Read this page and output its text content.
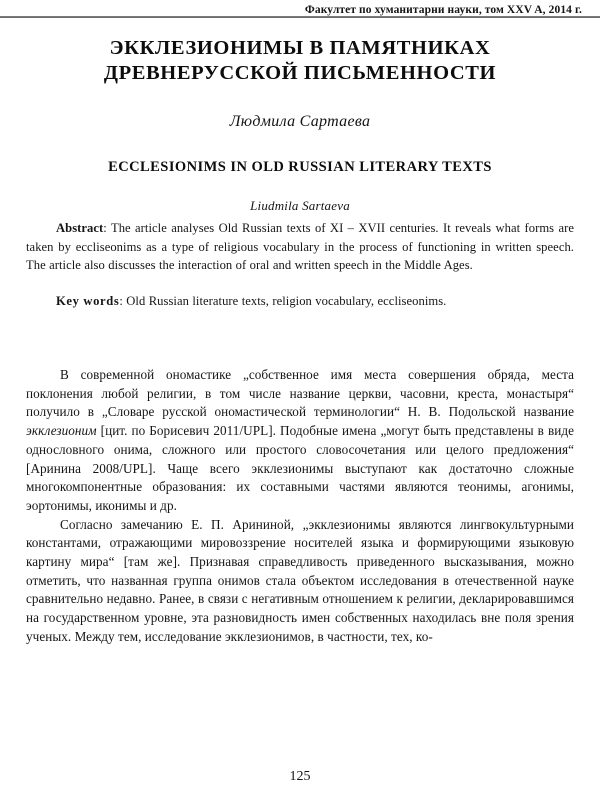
Факултет по хуманитарни науки, том XXV A, 2014 г.
ЭККЛЕЗИОНИМЫ В ПАМЯТНИКАХ
ДРЕВНЕРУССКОЙ ПИСЬМЕННОСТИ

Людмила Сартаева

ECCLESIONIMS IN OLD RUSSIAN LITERARY TEXTS

Liudmila Sartaeva

Abstract: The article analyses Old Russian texts of XI – XVII centuries. It reveals what forms are taken by eccliseonims as a type of religious vocabulary in the process of functioning in written speech. The article also discusses the interaction of oral and written speech in the Middle Ages.

Key words: Old Russian literature texts, religion vocabulary, eccliseonims.

В современной ономастике „собственное имя места совершения обряда, места поклонения любой религии, в том числе название церкви, часовни, креста, монастыря“ получило в „Словаре русской ономастической терминологии“ Н. В. Подольской название экклезионим [цит. по Борисевич 2011/UPL]. Подобные имена „могут быть представлены в виде однословного онима, сложного или простого словосочетания или целого предложения“ [Аринина 2008/UPL]. Чаще всего экклезионимы выступают как достаточно сложные многокомпонентные образования: их составными частями являются теонимы, агонимы, эортонимы, иконимы и др.

Согласно замечанию Е. П. Арининой, „экклезионимы являются лингвокультурными константами, отражающими мировоззрение носителей языка и формирующими языковую картину мира“ [там же]. Признавая справедливость приведенного высказывания, можно отметить, что названная группа онимов стала объектом исследования в отечественной науке сравнительно недавно. Ранее, в связи с негативным отношением к религии, декларировавшимся на государственном уровне, эта разновидность имен собственных находилась вне поля зрения ученых. Между тем, исследование экклезионимов, в частности, тех, ко-

125
